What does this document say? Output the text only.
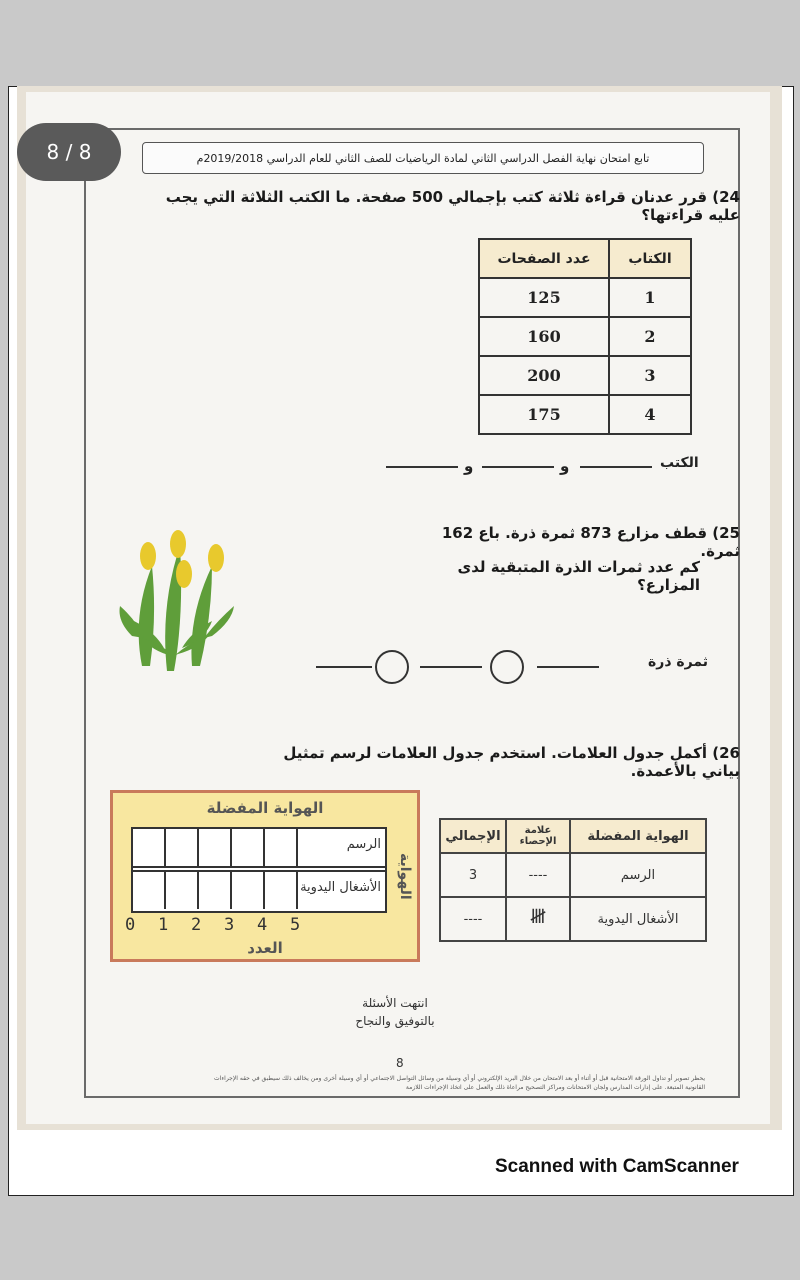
8 / 8	تابع امتحان نهاية الفصل الدراسي الثاني لمادة الرياضيات للصف الثاني للعام الدراسي 2019/2018م
24) قرر عدنان قراءة ثلاثة كتب بإجمالي 500 صفحة. ما الكتب الثلاثة التي يجب عليه قراءتها؟
الكتاب	عدد الصفحات
1	125
2	160
3	200
4	175
الكتب
و
و
25) قطف مزارع 873 ثمرة ذرة. باع 162 ثمرة.
كم عدد ثمرات الذرة المتبقية لدى المزارع؟
ثمرة ذرة
26) أكمل جدول العلامات. استخدم جدول العلامات لرسم تمثيل بياني بالأعمدة.
الهواية المفضلة
الرسم
الأشغال اليدوية الهواية
0 1 2 3 4 5
العدد
الهواية المفضلة	علامة الإحصاء	الإجمالي
الرسم	----	3
الأشغال اليدوية	𝍸	----
انتهت الأسئلة
بالتوفيق والنجاح
8
يحظر تصوير أو تداول الورقة الامتحانية قبل أو أثناء أو بعد الامتحان من خلال البريد الإلكتروني أو أي وسيلة من وسائل التواصل الاجتماعي أو أي وسيلة أخرى ومن يخالف ذلك سيطبق في حقه الإجراءات القانونية المتبعة. على إدارات المدارس ولجان الامتحانات ومراكز التصحيح مراعاة ذلك والعمل على اتخاذ الإجراءات اللازمة
Scanned with CamScanner
